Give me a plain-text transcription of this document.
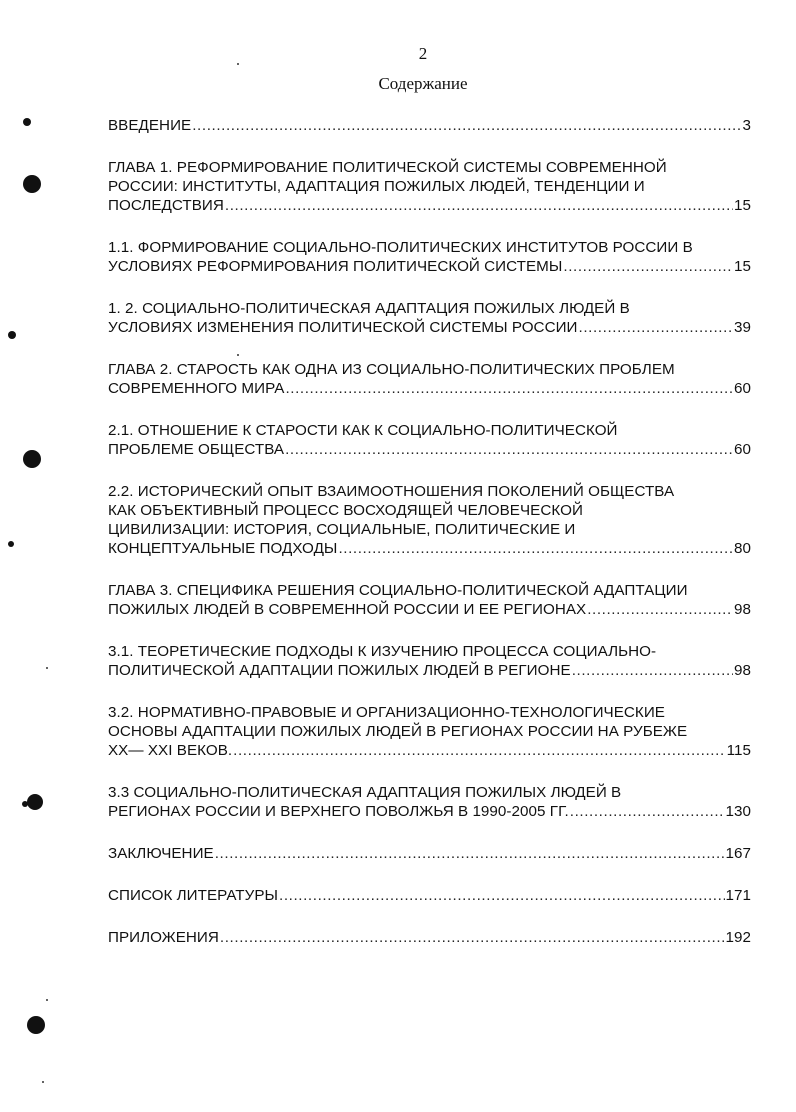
2
Содержание
ВВЕДЕНИЕ .....	3
ГЛАВА 1. РЕФОРМИРОВАНИЕ ПОЛИТИЧЕСКОЙ СИСТЕМЫ СОВРЕМЕННОЙ
РОССИИ: ИНСТИТУТЫ, АДАПТАЦИЯ ПОЖИЛЫХ ЛЮДЕЙ, ТЕНДЕНЦИИ И
ПОСЛЕДСТВИЯ .....	15
1.1. ФОРМИРОВАНИЕ СОЦИАЛЬНО-ПОЛИТИЧЕСКИХ ИНСТИТУТОВ РОССИИ В
УСЛОВИЯХ РЕФОРМИРОВАНИЯ ПОЛИТИЧЕСКОЙ СИСТЕМЫ .....	15
1. 2. СОЦИАЛЬНО-ПОЛИТИЧЕСКАЯ АДАПТАЦИЯ ПОЖИЛЫХ ЛЮДЕЙ В
УСЛОВИЯХ ИЗМЕНЕНИЯ ПОЛИТИЧЕСКОЙ СИСТЕМЫ РОССИИ .....	39
ГЛАВА 2. СТАРОСТЬ КАК ОДНА ИЗ СОЦИАЛЬНО-ПОЛИТИЧЕСКИХ ПРОБЛЕМ
СОВРЕМЕННОГО МИРА .....	60
2.1. ОТНОШЕНИЕ К СТАРОСТИ КАК К СОЦИАЛЬНО-ПОЛИТИЧЕСКОЙ
ПРОБЛЕМЕ ОБЩЕСТВА .....	60
2.2. ИСТОРИЧЕСКИЙ ОПЫТ ВЗАИМООТНОШЕНИЯ ПОКОЛЕНИЙ ОБЩЕСТВА
КАК ОБЪЕКТИВНЫЙ ПРОЦЕСС ВОСХОДЯЩЕЙ ЧЕЛОВЕЧЕСКОЙ
ЦИВИЛИЗАЦИИ: ИСТОРИЯ, СОЦИАЛЬНЫЕ, ПОЛИТИЧЕСКИЕ И
КОНЦЕПТУАЛЬНЫЕ ПОДХОДЫ .....	80
ГЛАВА 3. СПЕЦИФИКА РЕШЕНИЯ СОЦИАЛЬНО-ПОЛИТИЧЕСКОЙ АДАПТАЦИИ
ПОЖИЛЫХ ЛЮДЕЙ В СОВРЕМЕННОЙ РОССИИ И ЕЕ РЕГИОНАХ .....	98
3.1. ТЕОРЕТИЧЕСКИЕ ПОДХОДЫ К ИЗУЧЕНИЮ ПРОЦЕССА СОЦИАЛЬНО-
ПОЛИТИЧЕСКОЙ АДАПТАЦИИ ПОЖИЛЫХ ЛЮДЕЙ В РЕГИОНЕ .....	98
3.2. НОРМАТИВНО-ПРАВОВЫЕ И ОРГАНИЗАЦИОННО-ТЕХНОЛОГИЧЕСКИЕ
ОСНОВЫ АДАПТАЦИИ ПОЖИЛЫХ ЛЮДЕЙ В РЕГИОНАХ РОССИИ НА РУБЕЖЕ
XX— XXI ВЕКОВ. .....	115
3.3 СОЦИАЛЬНО-ПОЛИТИЧЕСКАЯ АДАПТАЦИЯ ПОЖИЛЫХ ЛЮДЕЙ В
РЕГИОНАХ РОССИИ И ВЕРХНЕГО ПОВОЛЖЬЯ В 1990-2005 ГГ. .....	130
ЗАКЛЮЧЕНИЕ .....	167
СПИСОК ЛИТЕРАТУРЫ .....	171
ПРИЛОЖЕНИЯ .....	192
